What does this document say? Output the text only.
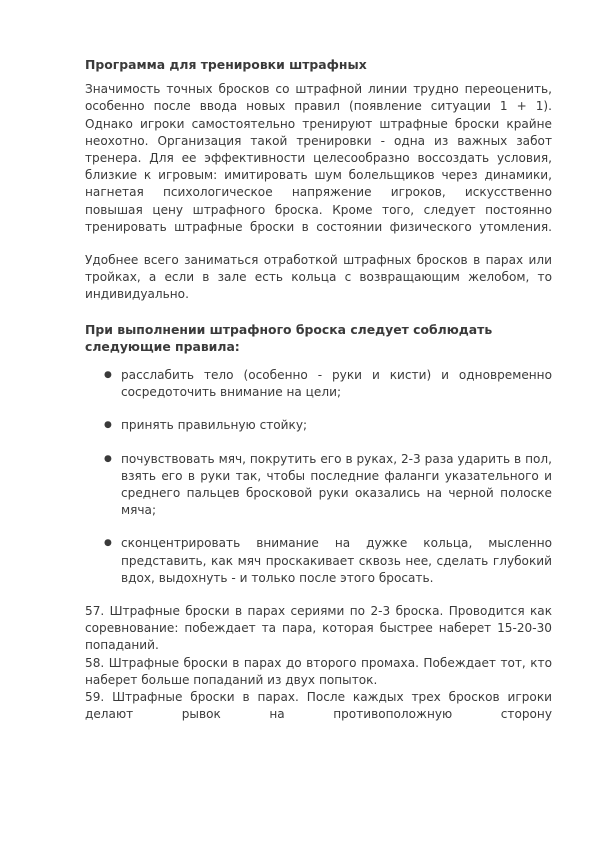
Программа для тренировки штрафных

Значимость точных бросков со штрафной линии трудно переоценить, особенно после ввода новых правил (появление ситуации 1 + 1). Однако игроки самостоятельно тренируют штрафные броски крайне неохотно. Организация такой тренировки - одна из важных забот тренера. Для ее эффективности целесообразно воссоздать условия, близкие к игровым: имитировать шум болельщиков через динамики, нагнетая психологическое напряжение игроков, искусственно повышая цену штрафного броска. Кроме того, следует постоянно тренировать штрафные броски в состоянии физического утомления.

Удобнее всего заниматься отработкой штрафных бросков в парах или тройках, а если в зале есть кольца с возвращающим желобом, то индивидуально.

При выполнении штрафного броска следует соблюдать следующие правила:
● расслабить тело (особенно - руки и кисти) и одновременно сосредоточить внимание на цели;
● принять правильную стойку;
● почувствовать мяч, покрутить его в руках, 2-3 раза ударить в пол, взять его в руки так, чтобы последние фаланги указательного и среднего пальцев бросковой руки оказались на черной полоске мяча;
● сконцентрировать внимание на дужке кольца, мысленно представить, как мяч проскакивает сквозь нее, сделать глубокий вдох, выдохнуть - и только после этого бросать.

57. Штрафные броски в парах сериями по 2-3 броска. Проводится как соревнование: побеждает та пара, которая быстрее наберет 15-20-30 попаданий.

58. Штрафные броски в парах до второго промаха. Побеждает тот, кто наберет больше попаданий из двух попыток.

59. Штрафные броски в парах. После каждых трех бросков игроки делают рывок на противоположную сторону
